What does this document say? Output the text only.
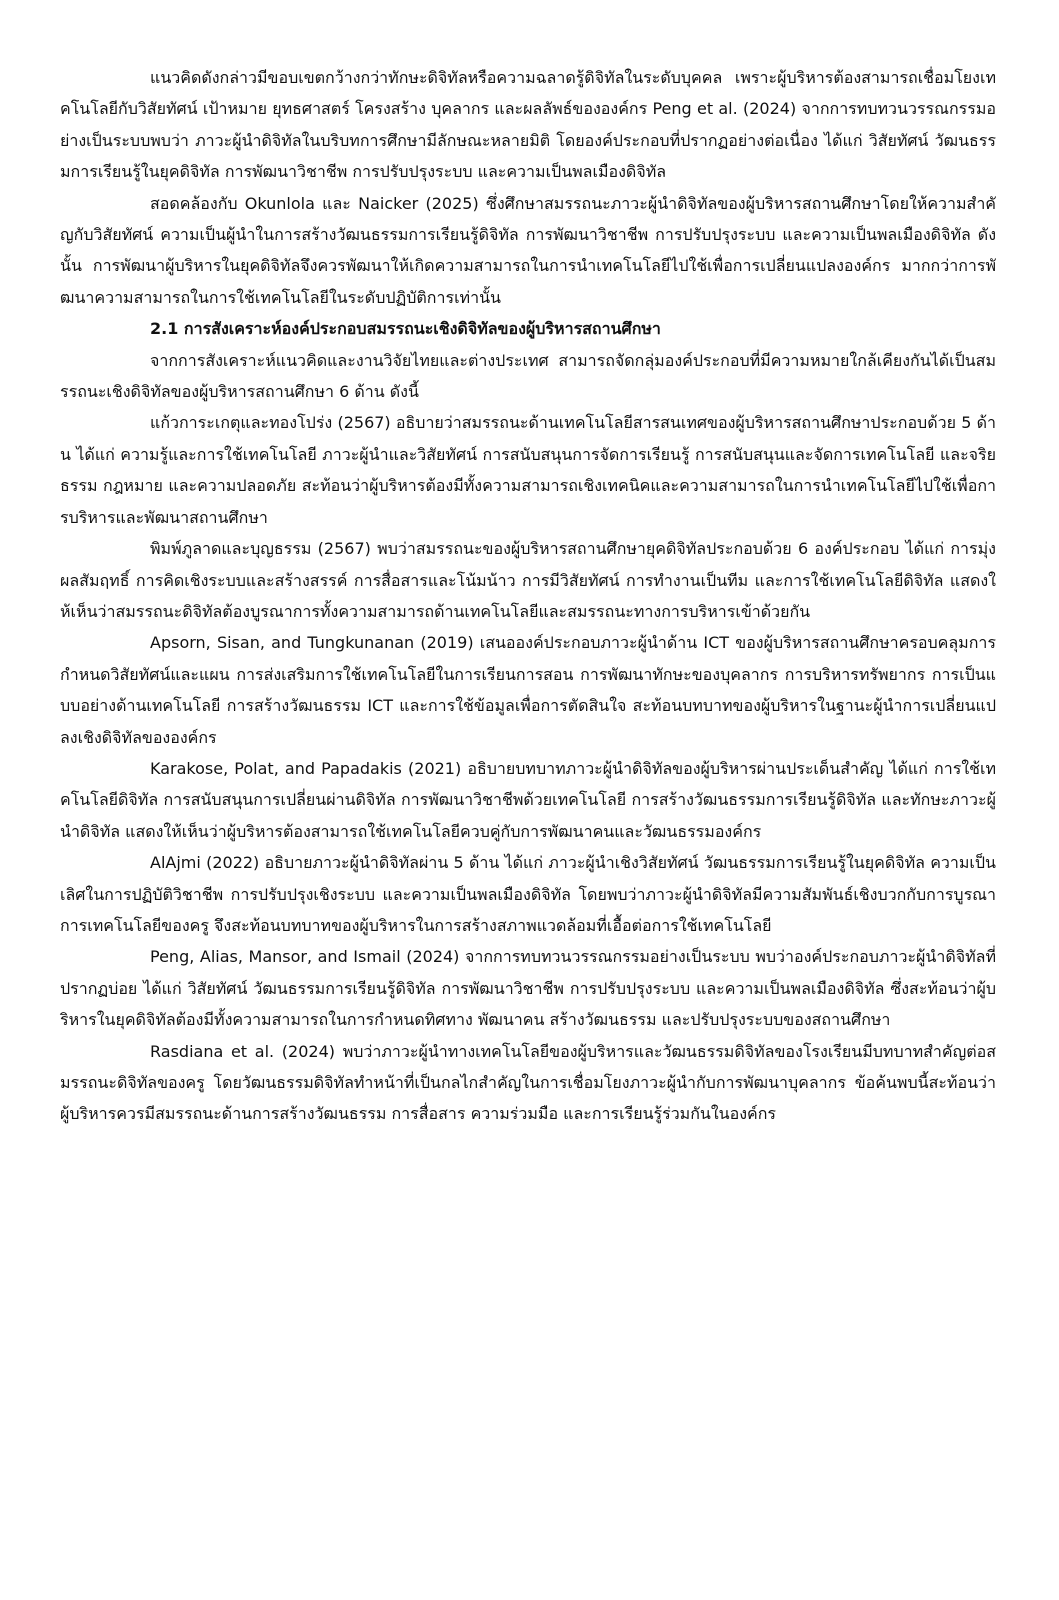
แนวคิดดังกล่าวมีขอบเขตกว้างกว่าทักษะดิจิทัลหรือความฉลาดรู้ดิจิทัลในระดับบุคคล เพราะผู้บริหารต้องสามารถเชื่อมโยงเทคโนโลยีกับวิสัยทัศน์ เป้าหมาย ยุทธศาสตร์ โครงสร้าง บุคลากร และผลลัพธ์ขององค์กร Peng et al. (2024) จากการทบทวนวรรณกรรมอย่างเป็นระบบพบว่า ภาวะผู้นำดิจิทัลในบริบทการศึกษามีลักษณะหลายมิติ โดยองค์ประกอบที่ปรากฏอย่างต่อเนื่อง ได้แก่ วิสัยทัศน์ วัฒนธรรมการเรียนรู้ในยุคดิจิทัล การพัฒนาวิชาชีพ การปรับปรุงระบบ และความเป็นพลเมืองดิจิทัล

สอดคล้องกับ Okunlola และ Naicker (2025) ซึ่งศึกษาสมรรถนะภาวะผู้นำดิจิทัลของผู้บริหารสถานศึกษาโดยให้ความสำคัญกับวิสัยทัศน์ ความเป็นผู้นำในการสร้างวัฒนธรรมการเรียนรู้ดิจิทัล การพัฒนาวิชาชีพ การปรับปรุงระบบ และความเป็นพลเมืองดิจิทัล ดังนั้น การพัฒนาผู้บริหารในยุคดิจิทัลจึงควรพัฒนาให้เกิดความสามารถในการนำเทคโนโลยีไปใช้เพื่อการเปลี่ยนแปลงองค์กร มากกว่าการพัฒนาความสามารถในการใช้เทคโนโลยีในระดับปฏิบัติการเท่านั้น

2.1 การสังเคราะห์องค์ประกอบสมรรถนะเชิงดิจิทัลของผู้บริหารสถานศึกษา

จากการสังเคราะห์แนวคิดและงานวิจัยไทยและต่างประเทศ สามารถจัดกลุ่มองค์ประกอบที่มีความหมายใกล้เคียงกันได้เป็นสมรรถนะเชิงดิจิทัลของผู้บริหารสถานศึกษา 6 ด้าน ดังนี้

แก้วการะเกตุและทองโปร่ง (2567) อธิบายว่าสมรรถนะด้านเทคโนโลยีสารสนเทศของผู้บริหารสถานศึกษาประกอบด้วย 5 ด้าน ได้แก่ ความรู้และการใช้เทคโนโลยี ภาวะผู้นำและวิสัยทัศน์ การสนับสนุนการจัดการเรียนรู้ การสนับสนุนและจัดการเทคโนโลยี และจริยธรรม กฎหมาย และความปลอดภัย สะท้อนว่าผู้บริหารต้องมีทั้งความสามารถเชิงเทคนิคและความสามารถในการนำเทคโนโลยีไปใช้เพื่อการบริหารและพัฒนาสถานศึกษา

พิมพ์ภูลาดและบุญธรรม (2567) พบว่าสมรรถนะของผู้บริหารสถานศึกษายุคดิจิทัลประกอบด้วย 6 องค์ประกอบ ได้แก่ การมุ่งผลสัมฤทธิ์ การคิดเชิงระบบและสร้างสรรค์ การสื่อสารและโน้มน้าว การมีวิสัยทัศน์ การทำงานเป็นทีม และการใช้เทคโนโลยีดิจิทัล แสดงให้เห็นว่าสมรรถนะดิจิทัลต้องบูรณาการทั้งความสามารถด้านเทคโนโลยีและสมรรถนะทางการบริหารเข้าด้วยกัน

Apsorn, Sisan, and Tungkunanan (2019) เสนอองค์ประกอบภาวะผู้นำด้าน ICT ของผู้บริหารสถานศึกษาครอบคลุมการกำหนดวิสัยทัศน์และแผน การส่งเสริมการใช้เทคโนโลยีในการเรียนการสอน การพัฒนาทักษะของบุคลากร การบริหารทรัพยากร การเป็นแบบอย่างด้านเทคโนโลยี การสร้างวัฒนธรรม ICT และการใช้ข้อมูลเพื่อการตัดสินใจ สะท้อนบทบาทของผู้บริหารในฐานะผู้นำการเปลี่ยนแปลงเชิงดิจิทัลขององค์กร

Karakose, Polat, and Papadakis (2021) อธิบายบทบาทภาวะผู้นำดิจิทัลของผู้บริหารผ่านประเด็นสำคัญ ได้แก่ การใช้เทคโนโลยีดิจิทัล การสนับสนุนการเปลี่ยนผ่านดิจิทัล การพัฒนาวิชาชีพด้วยเทคโนโลยี การสร้างวัฒนธรรมการเรียนรู้ดิจิทัล และทักษะภาวะผู้นำดิจิทัล แสดงให้เห็นว่าผู้บริหารต้องสามารถใช้เทคโนโลยีควบคู่กับการพัฒนาคนและวัฒนธรรมองค์กร

AlAjmi (2022) อธิบายภาวะผู้นำดิจิทัลผ่าน 5 ด้าน ได้แก่ ภาวะผู้นำเชิงวิสัยทัศน์ วัฒนธรรมการเรียนรู้ในยุคดิจิทัล ความเป็นเลิศในการปฏิบัติวิชาชีพ การปรับปรุงเชิงระบบ และความเป็นพลเมืองดิจิทัล โดยพบว่าภาวะผู้นำดิจิทัลมีความสัมพันธ์เชิงบวกกับการบูรณาการเทคโนโลยีของครู จึงสะท้อนบทบาทของผู้บริหารในการสร้างสภาพแวดล้อมที่เอื้อต่อการใช้เทคโนโลยี

Peng, Alias, Mansor, and Ismail (2024) จากการทบทวนวรรณกรรมอย่างเป็นระบบ พบว่าองค์ประกอบภาวะผู้นำดิจิทัลที่ปรากฏบ่อย ได้แก่ วิสัยทัศน์ วัฒนธรรมการเรียนรู้ดิจิทัล การพัฒนาวิชาชีพ การปรับปรุงระบบ และความเป็นพลเมืองดิจิทัล ซึ่งสะท้อนว่าผู้บริหารในยุคดิจิทัลต้องมีทั้งความสามารถในการกำหนดทิศทาง พัฒนาคน สร้างวัฒนธรรม และปรับปรุงระบบของสถานศึกษา

Rasdiana et al. (2024) พบว่าภาวะผู้นำทางเทคโนโลยีของผู้บริหารและวัฒนธรรมดิจิทัลของโรงเรียนมีบทบาทสำคัญต่อสมรรถนะดิจิทัลของครู โดยวัฒนธรรมดิจิทัลทำหน้าที่เป็นกลไกสำคัญในการเชื่อมโยงภาวะผู้นำกับการพัฒนาบุคลากร ข้อค้นพบนี้สะท้อนว่าผู้บริหารควรมีสมรรถนะด้านการสร้างวัฒนธรรม การสื่อสาร ความร่วมมือ และการเรียนรู้ร่วมกันในองค์กร
